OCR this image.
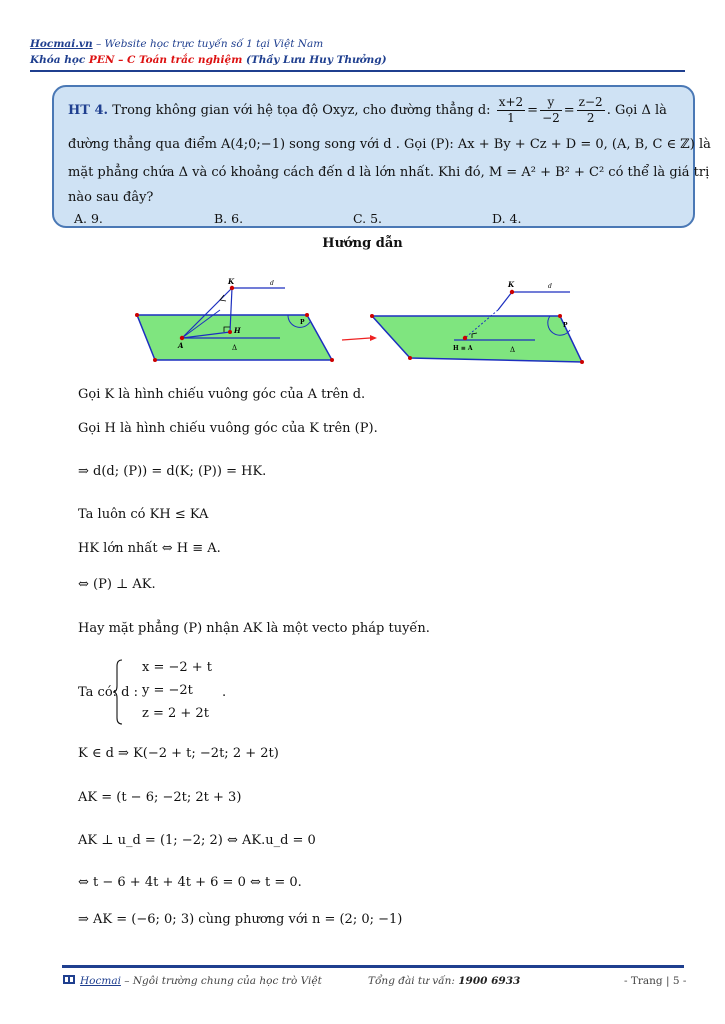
Hocmai.vn – Website học trực tuyến số 1 tại Việt Nam
Khóa học PEN – C Toán trắc nghiệm (Thầy Lưu Huy Thưởng)
HT 4. Trong không gian với hệ tọa độ Oxyz, cho đường thẳng d: $\frac{x+2}{1} = \frac{y}{-2} = \frac{z-2}{2}$ . Gọi Δ là
đường thẳng qua điểm A(4;0;−1) song song với d . Gọi (P): Ax + By + Cz + D = 0, (A, B, C ∈ ℤ) là
mặt phẳng chứa Δ và có khoảng cách đến d là lớn nhất. Khi đó, M = A² + B² + C² có thể là giá trị
nào sau đây?
A. 9.	B. 6.	C. 5.	D. 4.
Hướng dẫn
K	d
H
A
P
Δ
K	d
H ≡ A
P
Δ
Gọi K là hình chiếu vuông góc của A trên d.
Gọi H là hình chiếu vuông góc của K trên (P).
⇒ d(d; (P)) = d(K; (P)) = HK.
Ta luôn có KH ≤ KA
HK lớn nhất ⇔ H ≡ A.
⇔ (P) ⊥ AK.
Hay mặt phẳng (P) nhận AK là một vecto pháp tuyến.
Ta có: d :
x = −2 + t
y = −2t
z = 2 + 2t
.
K ∈ d ⇒ K(−2 + t; −2t; 2 + 2t)
AK = (t − 6; −2t; 2t + 3)
AK ⊥ u_d = (1; −2; 2) ⇔ AK.u_d = 0
⇔ t − 6 + 4t + 4t + 6 = 0 ⇔ t = 0.
⇒ AK = (−6; 0; 3) cùng phương với n = (2; 0; −1)
Hocmai – Ngôi trường chung của học trò Việt	Tổng đài tư vấn: 1900 6933	- Trang | 5 -
